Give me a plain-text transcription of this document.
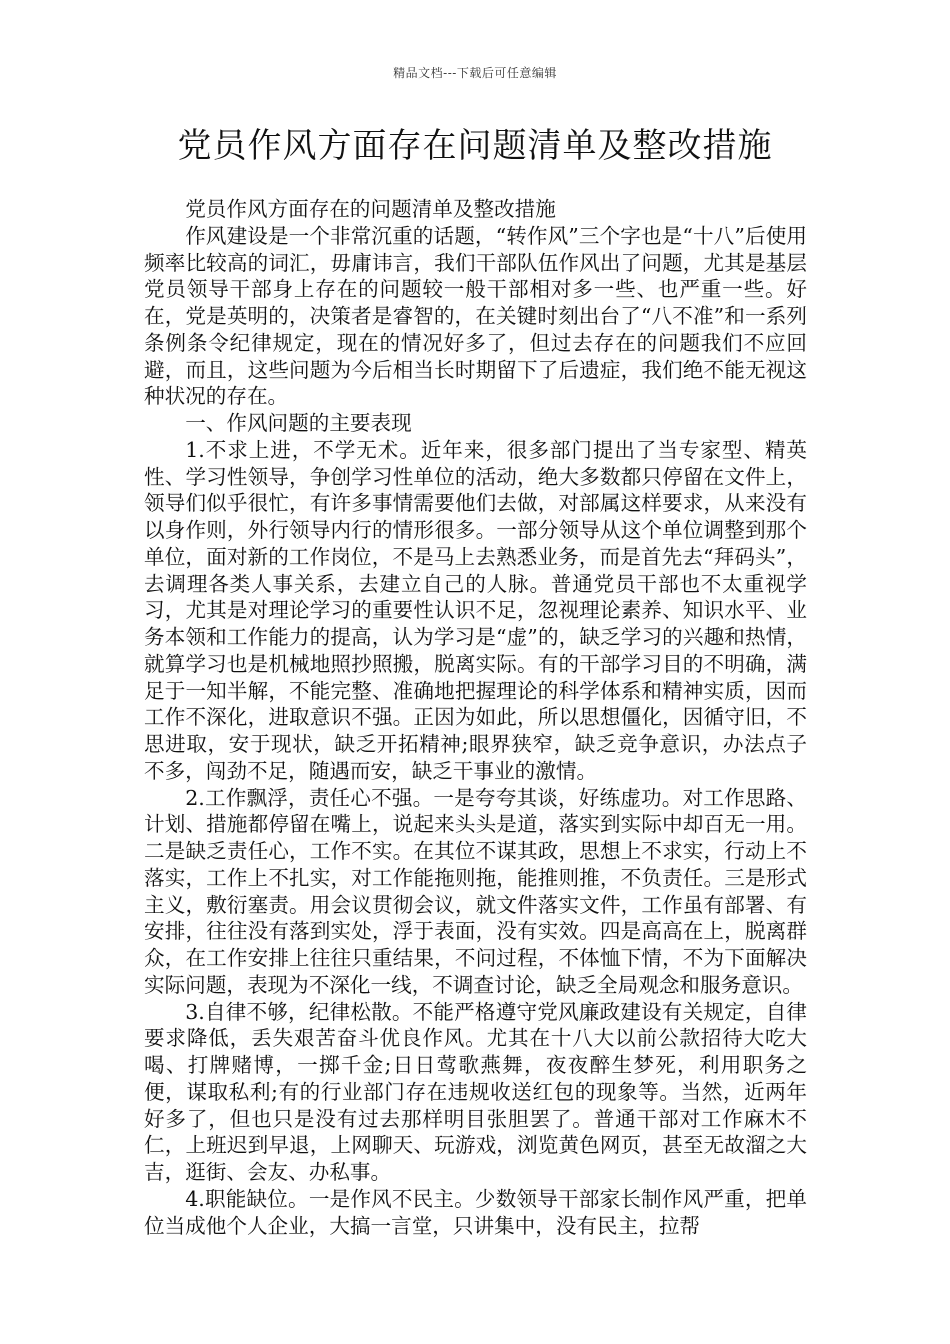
精品文档---下载后可任意编辑
党员作风方面存在问题清单及整改措施

党员作风方面存在的问题清单及整改措施

作风建设是一个非常沉重的话题，“转作风”三个字也是“十八”后使用频率比较高的词汇，毋庸讳言，我们干部队伍作风出了问题，尤其是基层党员领导干部身上存在的问题较一般干部相对多一些、也严重一些。好在，党是英明的，决策者是睿智的，在关键时刻出台了“八不准”和一系列条例条令纪律规定，现在的情况好多了，但过去存在的问题我们不应回避，而且，这些问题为今后相当长时期留下了后遗症，我们绝不能无视这种状况的存在。

一、作风问题的主要表现

1.不求上进，不学无术。近年来，很多部门提出了当专家型、精英性、学习性领导，争创学习性单位的活动，绝大多数都只停留在文件上，领导们似乎很忙，有许多事情需要他们去做，对部属这样要求，从来没有以身作则，外行领导内行的情形很多。一部分领导从这个单位调整到那个单位，面对新的工作岗位，不是马上去熟悉业务，而是首先去“拜码头”，去调理各类人事关系，去建立自己的人脉。普通党员干部也不太重视学习，尤其是对理论学习的重要性认识不足，忽视理论素养、知识水平、业务本领和工作能力的提高，认为学习是“虚”的，缺乏学习的兴趣和热情，就算学习也是机械地照抄照搬，脱离实际。有的干部学习目的不明确，满足于一知半解，不能完整、准确地把握理论的科学体系和精神实质，因而工作不深化，进取意识不强。正因为如此，所以思想僵化，因循守旧，不思进取，安于现状，缺乏开拓精神;眼界狭窄，缺乏竞争意识，办法点子不多，闯劲不足，随遇而安，缺乏干事业的激情。

2.工作飘浮，责任心不强。一是夸夸其谈，好练虚功。对工作思路、计划、措施都停留在嘴上，说起来头头是道，落实到实际中却百无一用。二是缺乏责任心，工作不实。在其位不谋其政，思想上不求实，行动上不落实，工作上不扎实，对工作能拖则拖，能推则推，不负责任。三是形式主义，敷衍塞责。用会议贯彻会议，就文件落实文件，工作虽有部署、有安排，往往没有落到实处，浮于表面，没有实效。四是高高在上，脱离群众，在工作安排上往往只重结果，不问过程，不体恤下情，不为下面解决实际问题，表现为不深化一线，不调查讨论，缺乏全局观念和服务意识。

3.自律不够，纪律松散。不能严格遵守党风廉政建设有关规定，自律要求降低，丢失艰苦奋斗优良作风。尤其在十八大以前公款招待大吃大喝、打牌赌博，一掷千金;日日莺歌燕舞，夜夜醉生梦死，利用职务之便，谋取私利;有的行业部门存在违规收送红包的现象等。当然，近两年好多了，但也只是没有过去那样明目张胆罢了。普通干部对工作麻木不仁，上班迟到早退，上网聊天、玩游戏，浏览黄色网页，甚至无故溜之大吉，逛街、会友、办私事。

4.职能缺位。一是作风不民主。少数领导干部家长制作风严重，把单位当成他个人企业，大搞一言堂，只讲集中，没有民主，拉帮
